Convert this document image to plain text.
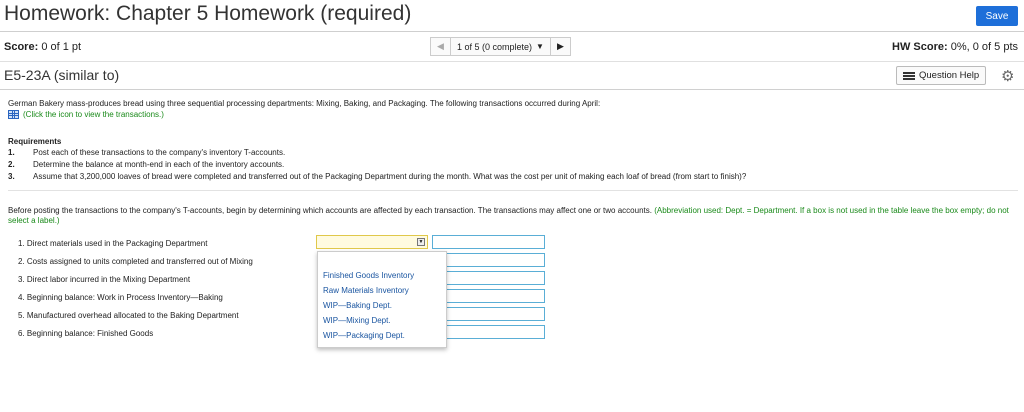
Homework: Chapter 5 Homework (required)	Save
Score: 0 of 1 pt	◀	1 of 5 (0 complete) ▼	▶	HW Score: 0%, 0 of 5 pts
E5-23A (similar to)	Question Help ⚙
German Bakery mass-produces bread using three sequential processing departments: Mixing, Baking, and Packaging. The following transactions occurred during April:
(Click the icon to view the transactions.)
Requirements
1.	Post each of these transactions to the company's inventory T-accounts.
2.	Determine the balance at month-end in each of the inventory accounts.
3.	Assume that 3,200,000 loaves of bread were completed and transferred out of the Packaging Department during the month. What was the cost per unit of making each loaf of bread (from start to finish)?
Before posting the transactions to the company's T-accounts, begin by determining which accounts are affected by each transaction. The transactions may affect one or two accounts. (Abbreviation used: Dept. = Department. If a box is not used in the table leave the box empty; do not select a label.)
1. Direct materials used in the Packaging Department
2. Costs assigned to units completed and transferred out of Mixing
3. Direct labor incurred in the Mixing Department
4. Beginning balance: Work in Process Inventory—Baking
5. Manufactured overhead allocated to the Baking Department
6. Beginning balance: Finished Goods
▼
Finished Goods Inventory
Raw Materials Inventory
WIP—Baking Dept.
WIP—Mixing Dept.
WIP—Packaging Dept.
